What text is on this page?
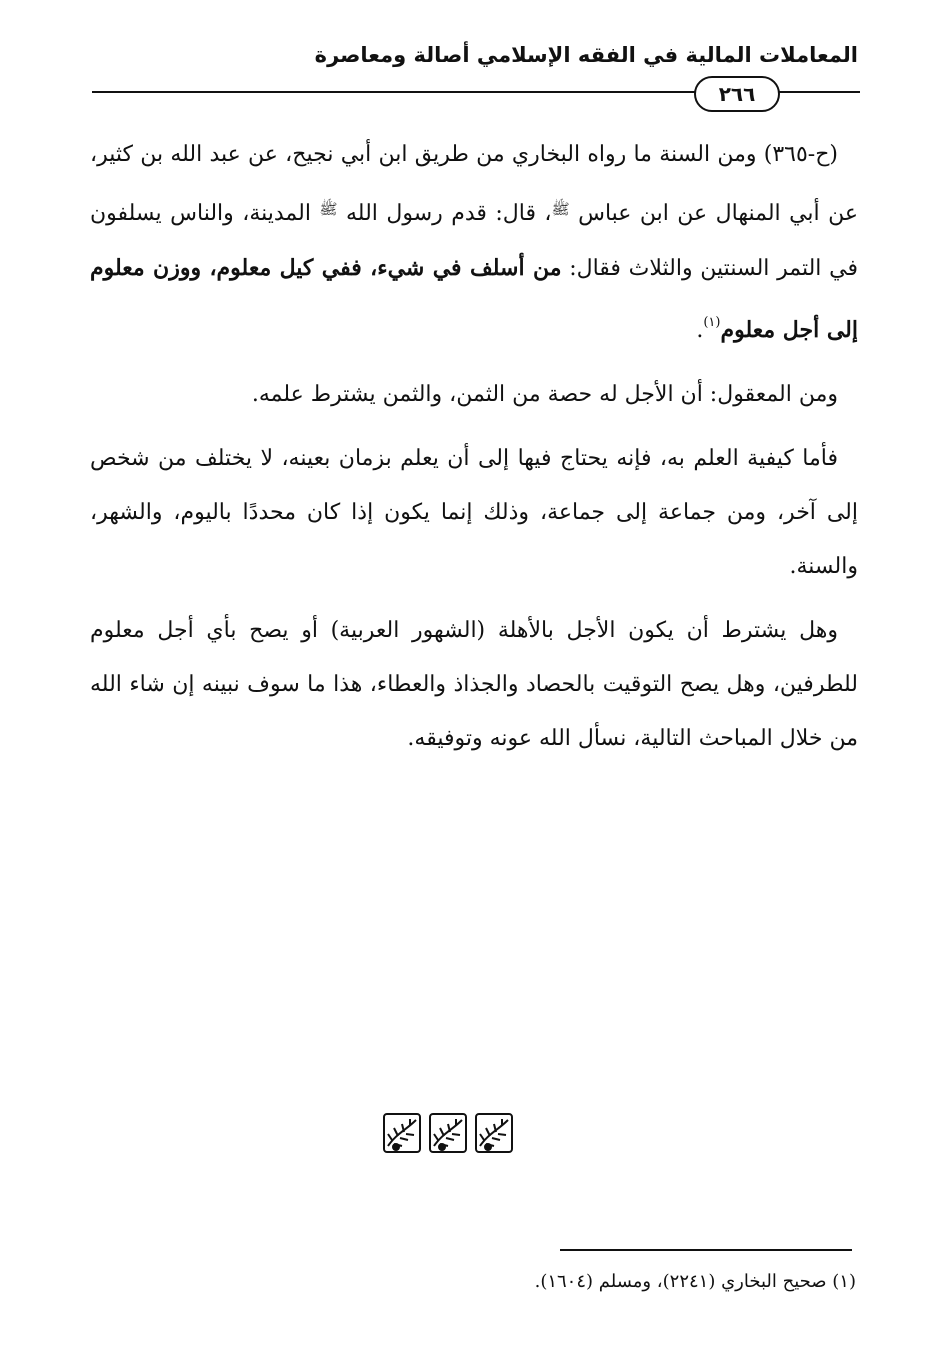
المعاملات المالية في الفقه الإسلامي أصالة ومعاصرة
٢٦٦

(ح-٣٦٥) ومن السنة ما رواه البخاري من طريق ابن أبي نجيح، عن عبد الله بن كثير، عن أبي المنهال عن ابن عباس $^ﷺ$، قال: قدم رسول الله $^ﷺ$ المدينة، والناس يسلفون في التمر السنتين والثلاث فقال: من أسلف في شيء، ففي كيل معلوم، ووزن معلوم إلى أجل معلوم$^{(١)}$.

ومن المعقول: أن الأجل له حصة من الثمن، والثمن يشترط علمه.

فأما كيفية العلم به، فإنه يحتاج فيها إلى أن يعلم بزمان بعينه، لا يختلف من شخص إلى آخر، ومن جماعة إلى جماعة، وذلك إنما يكون إذا كان محددًا باليوم، والشهر، والسنة.

وهل يشترط أن يكون الأجل بالأهلة (الشهور العربية) أو يصح بأي أجل معلوم للطرفين، وهل يصح التوقيت بالحصاد والجذاذ والعطاء، هذا ما سوف نبينه إن شاء الله من خلال المباحث التالية، نسأل الله عونه وتوفيقه.

(١) صحيح البخاري (٢٢٤١)، ومسلم (١٦٠٤).
